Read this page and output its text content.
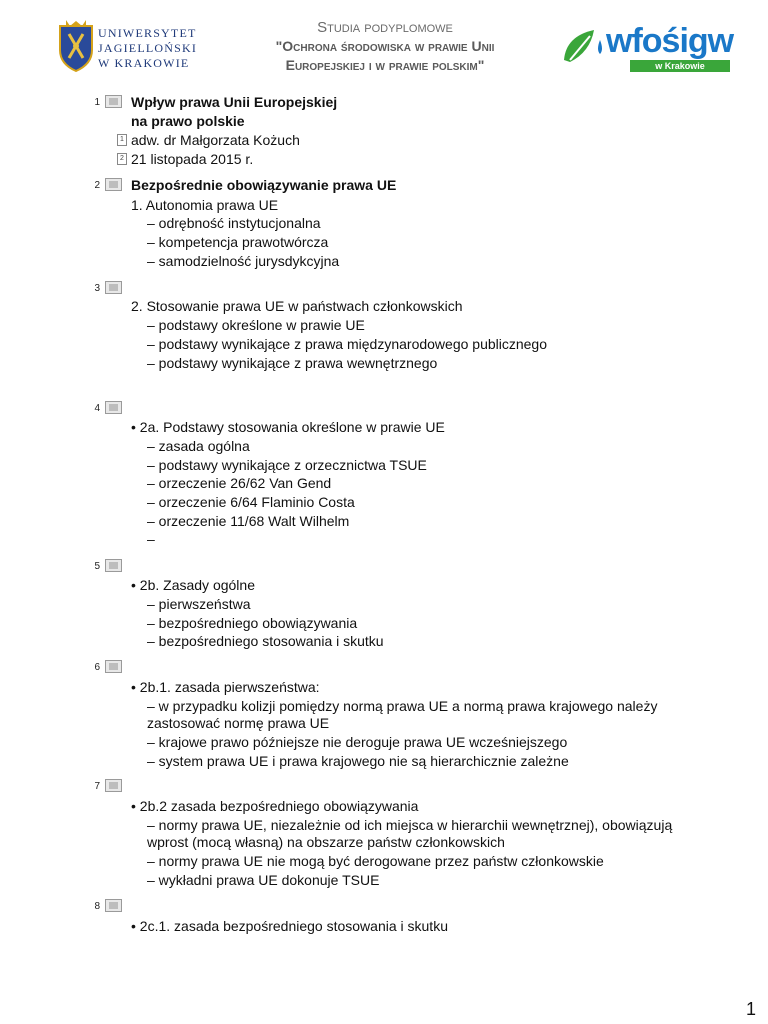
UNIWERSYTET
JAGIELLOŃSKI
W KRAKOWIE
Studia podyplomowe
"Ochrona środowiska w prawie Unii
Europejskiej i w prawie polskim"
wfośigw
w Krakowie
1 Wpływ prawa Unii Europejskiej
na prawo polskie
1 adw. dr Małgorzata Kożuch
2 21 listopada 2015 r.
2 Bezpośrednie obowiązywanie prawa UE
1. Autonomia prawa UE
– odrębność instytucjonalna
– kompetencja prawotwórcza
– samodzielność jurysdykcyjna
3
2. Stosowanie prawa UE w państwach członkowskich
– podstawy określone w prawie UE
– podstawy wynikające z prawa międzynarodowego publicznego
– podstawy wynikające z prawa wewnętrznego
4
• 2a. Podstawy stosowania określone w prawie UE
– zasada ogólna
– podstawy wynikające z orzecznictwa TSUE
– orzeczenie 26/62 Van Gend
– orzeczenie 6/64 Flaminio Costa
– orzeczenie 11/68 Walt Wilhelm
–
5
• 2b. Zasady ogólne
– pierwszeństwa
– bezpośredniego obowiązywania
– bezpośredniego stosowania i skutku
6
• 2b.1. zasada pierwszeństwa:
– w przypadku kolizji pomiędzy normą prawa UE a normą prawa krajowego należy
zastosować normę prawa UE
– krajowe prawo późniejsze nie deroguje prawa UE wcześniejszego
– system prawa UE i prawa krajowego nie są hierarchicznie zależne
7
• 2b.2 zasada bezpośredniego obowiązywania
– normy prawa UE, niezależnie od ich miejsca w hierarchii wewnętrznej), obowiązują
wprost (mocą własną) na obszarze państw członkowskich
– normy prawa UE nie mogą być derogowane przez państw członkowskie
– wykładni prawa UE dokonuje TSUE
8
• 2c.1. zasada bezpośredniego stosowania i skutku
1
